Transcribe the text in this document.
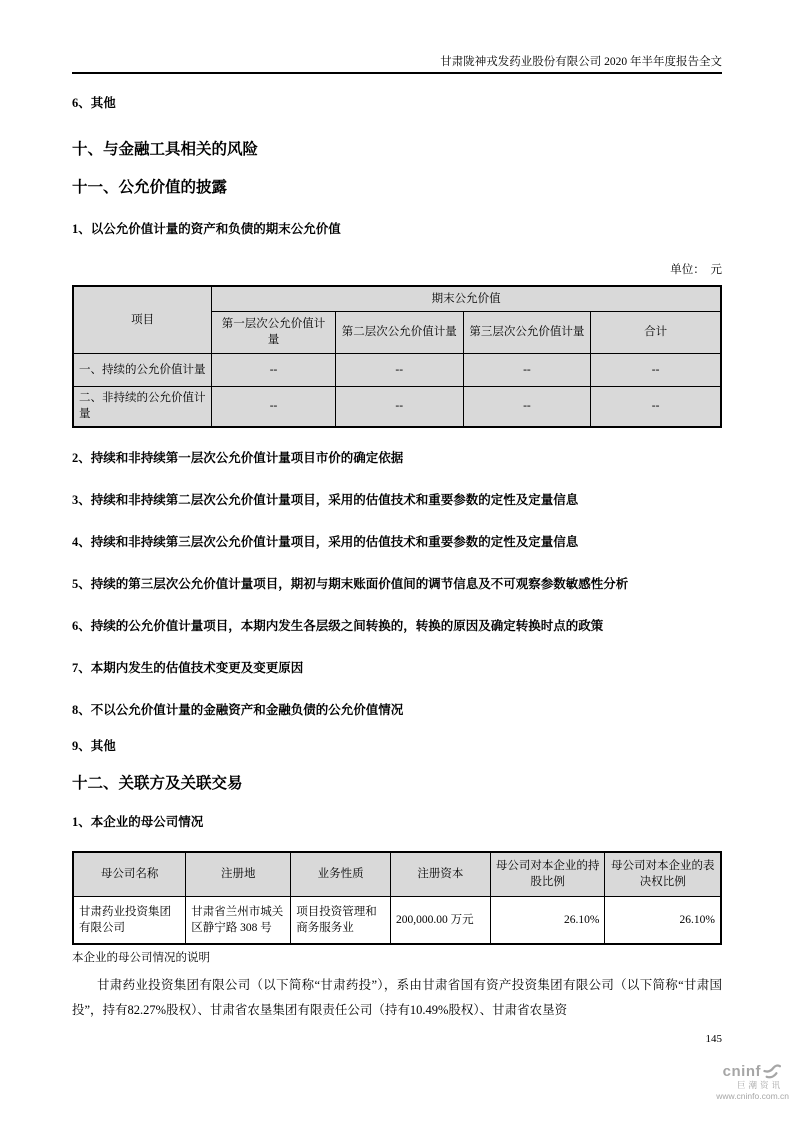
甘肃陇神戎发药业股份有限公司 2020 年半年度报告全文
6、其他
十、与金融工具相关的风险
十一、公允价值的披露
1、以公允价值计量的资产和负债的期末公允价值
单位：　元
项目	期末公允价值			
	第一层次公允价值计量	第二层次公允价值计量	第三层次公允价值计量	合计
一、持续的公允价值计量	--	--	--	--
二、非持续的公允价值计量	--	--	--	--
2、持续和非持续第一层次公允价值计量项目市价的确定依据
3、持续和非持续第二层次公允价值计量项目，采用的估值技术和重要参数的定性及定量信息
4、持续和非持续第三层次公允价值计量项目，采用的估值技术和重要参数的定性及定量信息
5、持续的第三层次公允价值计量项目，期初与期末账面价值间的调节信息及不可观察参数敏感性分析
6、持续的公允价值计量项目，本期内发生各层级之间转换的，转换的原因及确定转换时点的政策
7、本期内发生的估值技术变更及变更原因
8、不以公允价值计量的金融资产和金融负债的公允价值情况
9、其他
十二、关联方及关联交易
1、本企业的母公司情况
母公司名称	注册地	业务性质	注册资本	母公司对本企业的持股比例	母公司对本企业的表决权比例
甘肃药业投资集团有限公司	甘肃省兰州市城关区静宁路 308 号	项目投资管理和商务服务业	200,000.00 万元	26.10%	26.10%
本企业的母公司情况的说明
甘肃药业投资集团有限公司（以下简称“甘肃药投”），系由甘肃省国有资产投资集团有限公司（以下简称“甘肃国投”，持有82.27%股权）、甘肃省农垦集团有限责任公司（持有10.49%股权）、甘肃省农垦资
145
cninf
巨潮资讯
www.cninfo.com.cn
